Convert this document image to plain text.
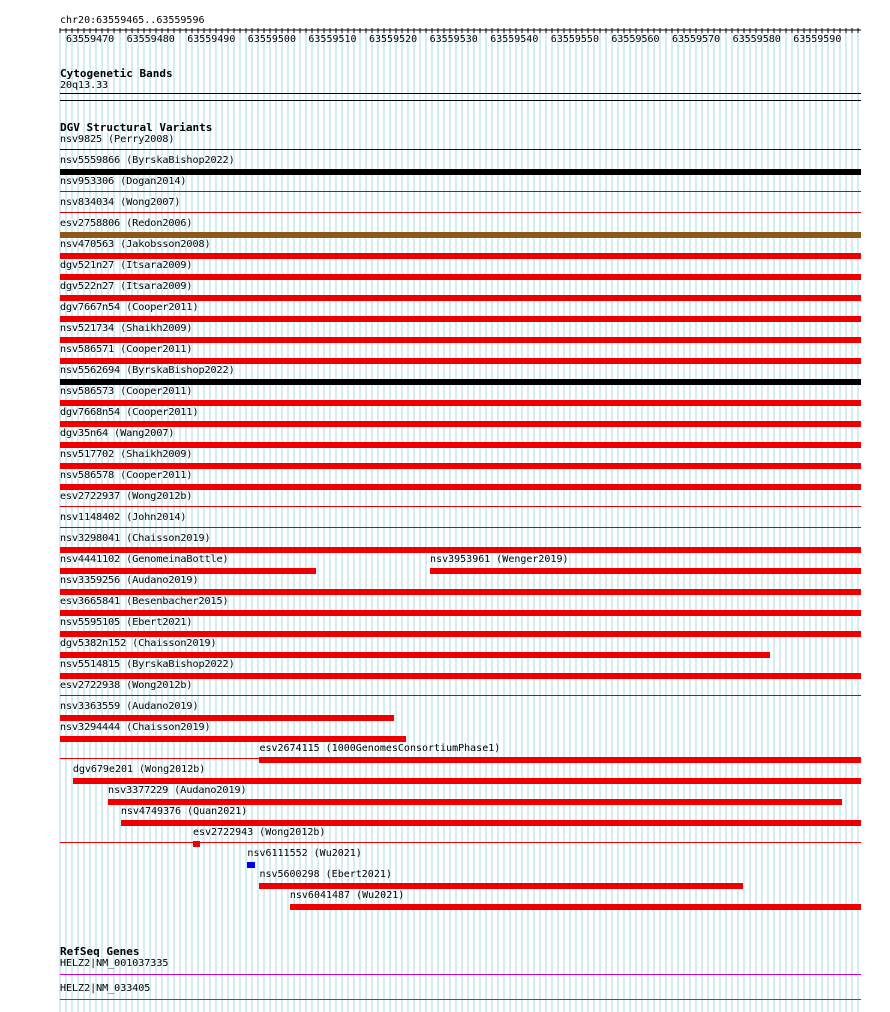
chr20:63559465..63559596
63559470 63559480 63559490 63559500 63559510 63559520 63559530 63559540 63559550 63559560 63559570 63559580 63559590
Cytogenetic Bands
20q13.33
DGV Structural Variants
nsv9825 (Perry2008)
nsv5559866 (ByrskaBishop2022)
nsv953306 (Dogan2014)
nsv834034 (Wong2007)
esv2758806 (Redon2006)
nsv470563 (Jakobsson2008)
dgv521n27 (Itsara2009)
dgv522n27 (Itsara2009)
dgv7667n54 (Cooper2011)
nsv521734 (Shaikh2009)
nsv586571 (Cooper2011)
nsv5562694 (ByrskaBishop2022)
nsv586573 (Cooper2011)
dgv7668n54 (Cooper2011)
dgv35n64 (Wang2007)
nsv517702 (Shaikh2009)
nsv586578 (Cooper2011)
esv2722937 (Wong2012b)
nsv1148402 (John2014)
nsv3298041 (Chaisson2019)
nsv4441102 (GenomeinaBottle)
nsv3359256 (Audano2019)
esv3665841 (Besenbacher2015)
nsv5595105 (Ebert2021)
dgv5382n152 (Chaisson2019)
nsv5514815 (ByrskaBishop2022)
esv2722938 (Wong2012b)
nsv3363559 (Audano2019)
nsv3294444 (Chaisson2019)
esv2674115 (1000GenomesConsortiumPhase1)
dgv679e201 (Wong2012b)
nsv3377229 (Audano2019)
nsv4749376 (Quan2021)
esv2722943 (Wong2012b)
nsv6111552 (Wu2021)
nsv5600298 (Ebert2021)
nsv6041487 (Wu2021)
nsv3953961 (Wenger2019)
RefSeq Genes
HELZ2|NM_001037335
HELZ2|NM_033405
